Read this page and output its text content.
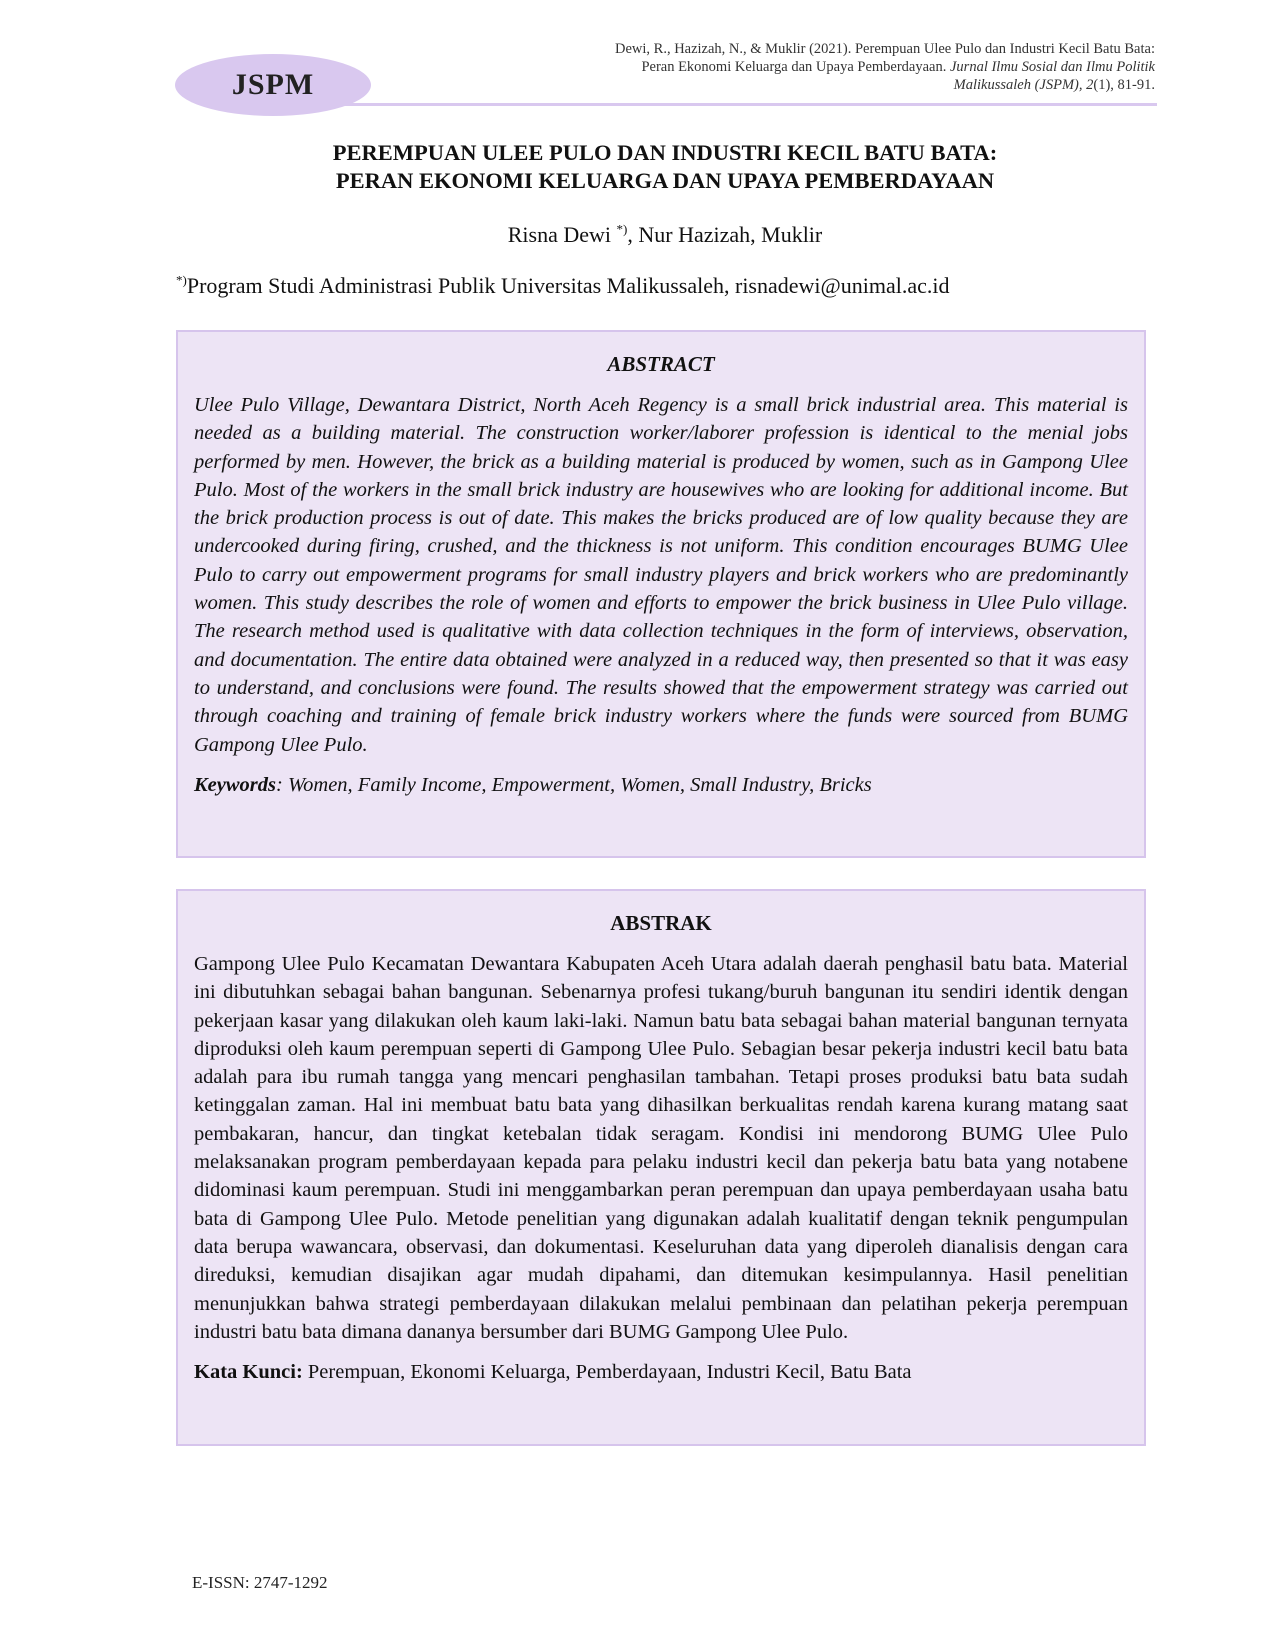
JSPM
Dewi, R., Hazizah, N., & Muklir (2021). Perempuan Ulee Pulo dan Industri Kecil Batu Bata:
Peran Ekonomi Keluarga dan Upaya Pemberdayaan. Jurnal Ilmu Sosial dan Ilmu Politik
Malikussaleh (JSPM), 2(1), 81-91.
PEREMPUAN ULEE PULO DAN INDUSTRI KECIL BATU BATA:
PERAN EKONOMI KELUARGA DAN UPAYA PEMBERDAYAAN
Risna Dewi *), Nur Hazizah, Muklir
*)Program Studi Administrasi Publik Universitas Malikussaleh, risnadewi@unimal.ac.id
ABSTRACT
Ulee Pulo Village, Dewantara District, North Aceh Regency is a small brick industrial area. This material is needed as a building material. The construction worker/laborer profession is identical to the menial jobs performed by men. However, the brick as a building material is produced by women, such as in Gampong Ulee Pulo. Most of the workers in the small brick industry are housewives who are looking for additional income. But the brick production process is out of date. This makes the bricks produced are of low quality because they are undercooked during firing, crushed, and the thickness is not uniform. This condition encourages BUMG Ulee Pulo to carry out empowerment programs for small industry players and brick workers who are predominantly women. This study describes the role of women and efforts to empower the brick business in Ulee Pulo village. The research method used is qualitative with data collection techniques in the form of interviews, observation, and documentation. The entire data obtained were analyzed in a reduced way, then presented so that it was easy to understand, and conclusions were found. The results showed that the empowerment strategy was carried out through coaching and training of female brick industry workers where the funds were sourced from BUMG Gampong Ulee Pulo.
Keywords: Women, Family Income, Empowerment, Women, Small Industry, Bricks
ABSTRAK
Gampong Ulee Pulo Kecamatan Dewantara Kabupaten Aceh Utara adalah daerah penghasil batu bata. Material ini dibutuhkan sebagai bahan bangunan. Sebenarnya profesi tukang/buruh bangunan itu sendiri identik dengan pekerjaan kasar yang dilakukan oleh kaum laki-laki. Namun batu bata sebagai bahan material bangunan ternyata diproduksi oleh kaum perempuan seperti di Gampong Ulee Pulo. Sebagian besar pekerja industri kecil batu bata adalah para ibu rumah tangga yang mencari penghasilan tambahan. Tetapi proses produksi batu bata sudah ketinggalan zaman. Hal ini membuat batu bata yang dihasilkan berkualitas rendah karena kurang matang saat pembakaran, hancur, dan tingkat ketebalan tidak seragam. Kondisi ini mendorong BUMG Ulee Pulo melaksanakan program pemberdayaan kepada para pelaku industri kecil dan pekerja batu bata yang notabene didominasi kaum perempuan. Studi ini menggambarkan peran perempuan dan upaya pemberdayaan usaha batu bata di Gampong Ulee Pulo. Metode penelitian yang digunakan adalah kualitatif dengan teknik pengumpulan data berupa wawancara, observasi, dan dokumentasi. Keseluruhan data yang diperoleh dianalisis dengan cara direduksi, kemudian disajikan agar mudah dipahami, dan ditemukan kesimpulannya. Hasil penelitian menunjukkan bahwa strategi pemberdayaan dilakukan melalui pembinaan dan pelatihan pekerja perempuan industri batu bata dimana dananya bersumber dari BUMG Gampong Ulee Pulo.
Kata Kunci: Perempuan, Ekonomi Keluarga, Pemberdayaan, Industri Kecil, Batu Bata
E-ISSN: 2747-1292
